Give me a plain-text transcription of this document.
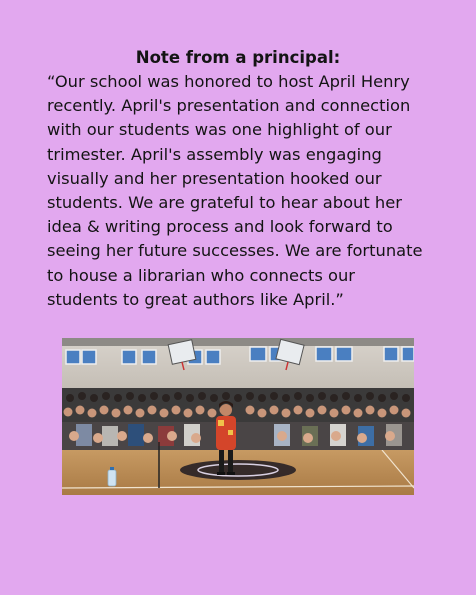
Note from a principal:

“Our school was honored to host April Henry
recently. April's presentation and connection
with our students was one highlight of our
trimester. April's assembly was engaging
visually and her presentation hooked our
students. We are grateful to hear about her
idea & writing process and look forward to
seeing her future successes. We are fortunate
to house a librarian who connects our
students to great authors like April.”
